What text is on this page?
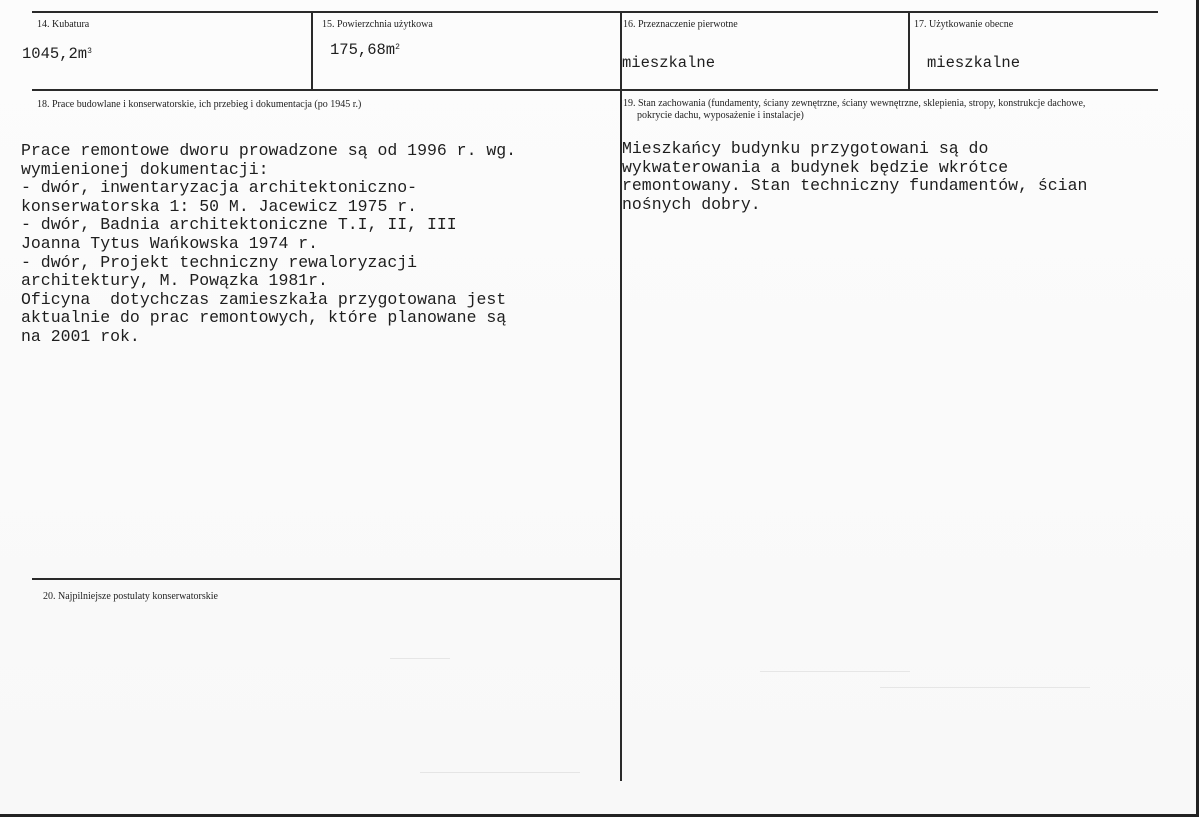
14. Kubatura
$1045,2m^3$
15. Powierzchnia użytkowa
$175,68m^2$
16. Przeznaczenie pierwotne
mieszkalne
17. Użytkowanie obecne
mieszkalne
18. Prace budowlane i konserwatorskie, ich przebieg i dokumentacja (po 1945 r.)
Prace remontowe dworu prowadzone są od 1996 r. wg.
wymienionej dokumentacji:
- dwór, inwentaryzacja architektoniczno-
konserwatorska 1: 50 M. Jacewicz 1975 r.
- dwór, Badnia architektoniczne T.I, II, III
Joanna Tytus Wańkowska 1974 r.
- dwór, Projekt techniczny rewaloryzacji
architektury, M. Powązka 1981r.
Oficyna  dotychczas zamieszkała przygotowana jest
aktualnie do prac remontowych, które planowane są
na 2001 rok.
19. Stan zachowania (fundamenty, ściany zewnętrzne, ściany wewnętrzne, sklepienia, stropy, konstrukcje dachowe,
pokrycie dachu, wyposażenie i instalacje)
Mieszkańcy budynku przygotowani są do
wykwaterowania a budynek będzie wkrótce
remontowany. Stan techniczny fundamentów, ścian
nośnych dobry.
20. Najpilniejsze postulaty konserwatorskie
